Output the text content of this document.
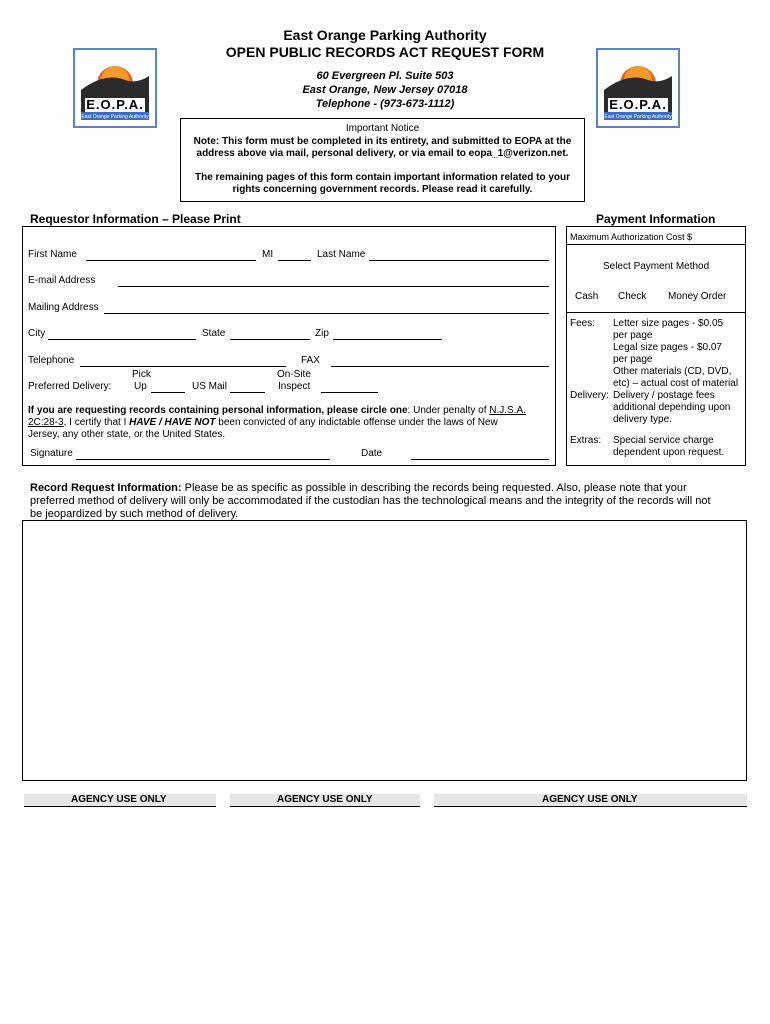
E.O.P.A.
East Orange Parking Authority
E.O.P.A.
East Orange Parking Authority
East Orange Parking Authority
OPEN PUBLIC RECORDS ACT REQUEST FORM
60 Evergreen Pl. Suite 503
East Orange, New Jersey 07018
Telephone - (973-673-1112)
Important Notice
Note: This form must be completed in its entirety, and submitted to EOPA at the
address above via mail, personal delivery, or via email to eopa_1@verizon.net.
The remaining pages of this form contain important information related to your
rights concerning government records. Please read it carefully.
Requestor Information – Please Print	Payment Information
First Name	MI	Last Name
E-mail Address
Mailing Address
City	State	Zip
Telephone	FAX
Pick	On-Site
Preferred Delivery: Up	US Mail	Inspect
If you are requesting records containing personal information, please circle one: Under penalty of N.J.S.A.
2C:28-3, I certify that I HAVE / HAVE NOT been convicted of any indictable offense under the laws of New
Jersey, any other state, or the United States.
Signature	Date
Maximum Authorization Cost $
Select Payment Method
Cash Check Money Order
Fees: Letter size pages - $0.05
per page
Legal size pages - $0.07
per page
Other materials (CD, DVD,
etc) – actual cost of material
Delivery: Delivery / postage fees
additional depending upon
delivery type.
Extras: Special service charge
dependent upon request.
Record Request Information: Please be as specific as possible in describing the records being requested. Also, please note that your
preferred method of delivery will only be accommodated if the custodian has the technological means and the integrity of the records will not
be jeopardized by such method of delivery.
AGENCY USE ONLY	AGENCY USE ONLY	AGENCY USE ONLY
